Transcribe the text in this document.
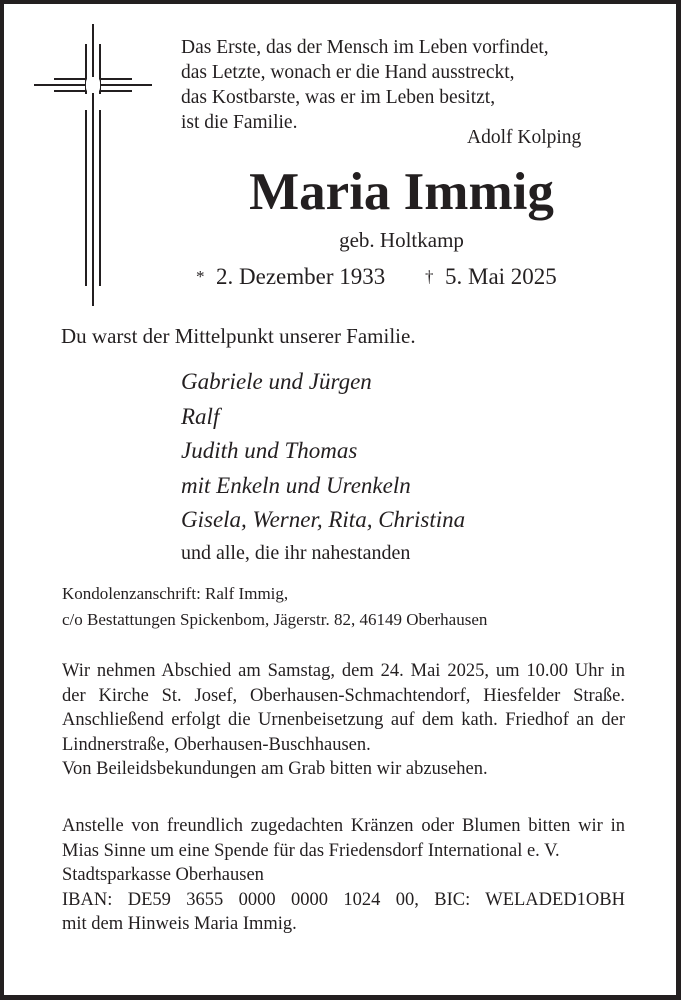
Das Erste, das der Mensch im Leben vorfindet,
das Letzte, wonach er die Hand ausstreckt,
das Kostbarste, was er im Leben besitzt,
ist die Familie.
Adolf Kolping
Maria Immig
geb. Holtkamp
* 2. Dezember 1933 † 5. Mai 2025
Du warst der Mittelpunkt unserer Familie.
Gabriele und Jürgen
Ralf
Judith und Thomas
mit Enkeln und Urenkeln
Gisela, Werner, Rita, Christina
und alle, die ihr nahestanden
Kondolenzanschrift: Ralf Immig,
c/o Bestattungen Spickenbom, Jägerstr. 82, 46149 Oberhausen
Wir nehmen Abschied am Samstag, dem 24. Mai 2025, um 10.00 Uhr in der Kirche St. Josef, Oberhausen-Schmachtendorf, Hiesfelder Straße. Anschließend erfolgt die Urnenbeisetzung auf dem kath. Friedhof an der Lindnerstraße, Oberhausen-Buschhausen.
Von Beileidsbekundungen am Grab bitten wir abzusehen.
Anstelle von freundlich zugedachten Kränzen oder Blumen bitten wir in Mias Sinne um eine Spende für das Friedensdorf International e. V.
Stadtsparkasse Oberhausen
IBAN: DE59 3655 0000 0000 1024 00, BIC: WELADED1OBH
mit dem Hinweis Maria Immig.
